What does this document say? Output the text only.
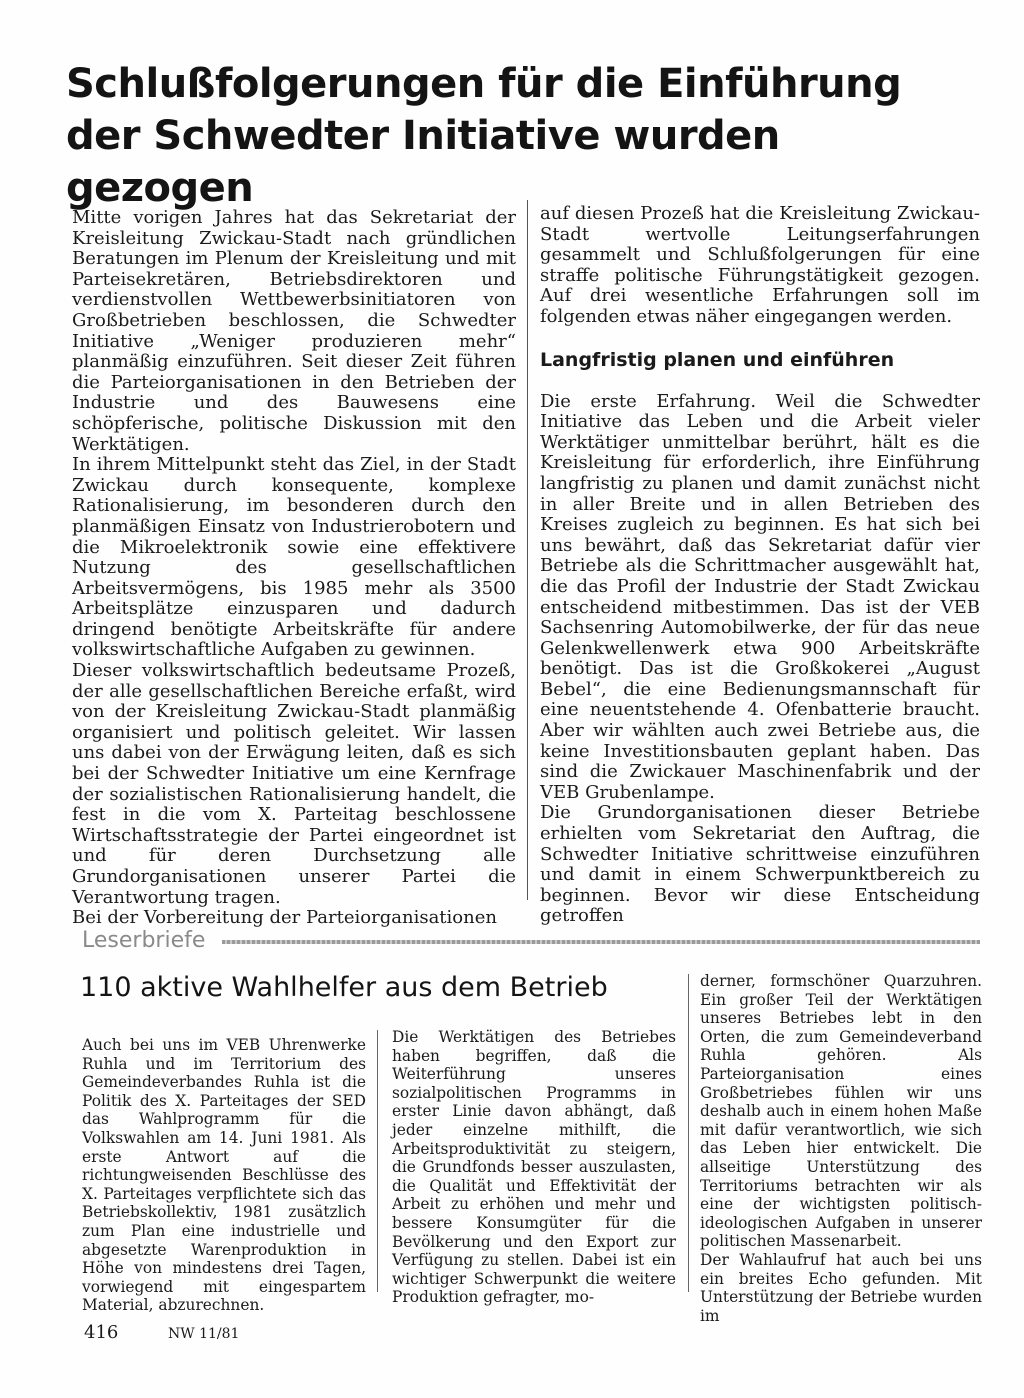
Schlußfolgerungen für die Einführung der Schwedter Initiative wurden gezogen

Mitte vorigen Jahres hat das Sekretariat der Kreisleitung Zwickau-Stadt nach gründlichen Beratungen im Plenum der Kreisleitung und mit Parteisekretären, Betriebsdirektoren und verdienstvollen Wettbewerbsinitiatoren von Großbetrieben beschlossen, die Schwedter Initiative „Weniger produzieren mehr“ planmäßig einzuführen. Seit dieser Zeit führen die Parteiorganisationen in den Betrieben der Industrie und des Bauwesens eine schöpferische, politische Diskussion mit den Werktätigen.

In ihrem Mittelpunkt steht das Ziel, in der Stadt Zwickau durch konsequente, komplexe Rationalisierung, im besonderen durch den planmäßigen Einsatz von Industrierobotern und die Mikroelektronik sowie eine effektivere Nutzung des gesellschaftlichen Arbeitsvermögens, bis 1985 mehr als 3500 Arbeitsplätze einzusparen und dadurch dringend benötigte Arbeitskräfte für andere volkswirtschaftliche Aufgaben zu gewinnen.

Dieser volkswirtschaftlich bedeutsame Prozeß, der alle gesellschaftlichen Bereiche erfaßt, wird von der Kreisleitung Zwickau-Stadt planmäßig organisiert und politisch geleitet. Wir lassen uns dabei von der Erwägung leiten, daß es sich bei der Schwedter Initiative um eine Kernfrage der sozialistischen Rationalisierung handelt, die fest in die vom X. Parteitag beschlossene Wirtschaftsstrategie der Partei eingeordnet ist und für deren Durchsetzung alle Grundorganisationen unserer Partei die Verantwortung tragen.

Bei der Vorbereitung der Parteiorganisationen

auf diesen Prozeß hat die Kreisleitung Zwickau-Stadt wertvolle Leitungserfahrungen gesammelt und Schlußfolgerungen für eine straffe politische Führungstätigkeit gezogen. Auf drei wesentliche Erfahrungen soll im folgenden etwas näher eingegangen werden.

Langfristig planen und einführen

Die erste Erfahrung. Weil die Schwedter Initiative das Leben und die Arbeit vieler Werktätiger unmittelbar berührt, hält es die Kreisleitung für erforderlich, ihre Einführung langfristig zu planen und damit zunächst nicht in aller Breite und in allen Betrieben des Kreises zugleich zu beginnen. Es hat sich bei uns bewährt, daß das Sekretariat dafür vier Betriebe als die Schrittmacher ausgewählt hat, die das Profil der Industrie der Stadt Zwickau entscheidend mitbestimmen. Das ist der VEB Sachsenring Automobilwerke, der für das neue Gelenkwellenwerk etwa 900 Arbeitskräfte benötigt. Das ist die Großkokerei „August Bebel“, die eine Bedienungsmannschaft für eine neuentstehende 4. Ofenbatterie braucht. Aber wir wählten auch zwei Betriebe aus, die keine Investitionsbauten geplant haben. Das sind die Zwickauer Maschinenfabrik und der VEB Grubenlampe.

Die Grundorganisationen dieser Betriebe erhielten vom Sekretariat den Auftrag, die Schwedter Initiative schrittweise einzuführen und damit in einem Schwerpunktbereich zu beginnen. Bevor wir diese Entscheidung getroffen

Leserbriefe
110 aktive Wahlhelfer aus dem Betrieb

Auch bei uns im VEB Uhrenwerke Ruhla und im Territorium des Gemeindeverbandes Ruhla ist die Politik des X. Parteitages der SED das Wahlprogramm für die Volkswahlen am 14. Juni 1981. Als erste Antwort auf die richtungweisenden Beschlüsse des X. Parteitages verpflichtete sich das Betriebskollektiv, 1981 zusätzlich zum Plan eine industrielle und abgesetzte Warenproduktion in Höhe von mindestens drei Tagen, vorwiegend mit eingespartem Material, abzurechnen.

Die Werktätigen des Betriebes haben begriffen, daß die Weiterführung unseres sozialpolitischen Programms in erster Linie davon abhängt, daß jeder einzelne mithilft, die Arbeitsproduktivität zu steigern, die Grundfonds besser auszulasten, die Qualität und Effektivität der Arbeit zu erhöhen und mehr und bessere Konsumgüter für die Bevölkerung und den Export zur Verfügung zu stellen. Dabei ist ein wichtiger Schwerpunkt die weitere Produktion gefragter, mo-

derner, formschöner Quarzuhren. Ein großer Teil der Werktätigen unseres Betriebes lebt in den Orten, die zum Gemeindeverband Ruhla gehören. Als Parteiorganisation eines Großbetriebes fühlen wir uns deshalb auch in einem hohen Maße mit dafür verantwortlich, wie sich das Leben hier entwickelt. Die allseitige Unterstützung des Territoriums betrachten wir als eine der wichtigsten politisch-ideologischen Aufgaben in unserer politischen Massenarbeit.

Der Wahlaufruf hat auch bei uns ein breites Echo gefunden. Mit Unterstützung der Betriebe wurden im

416	NW 11/81
